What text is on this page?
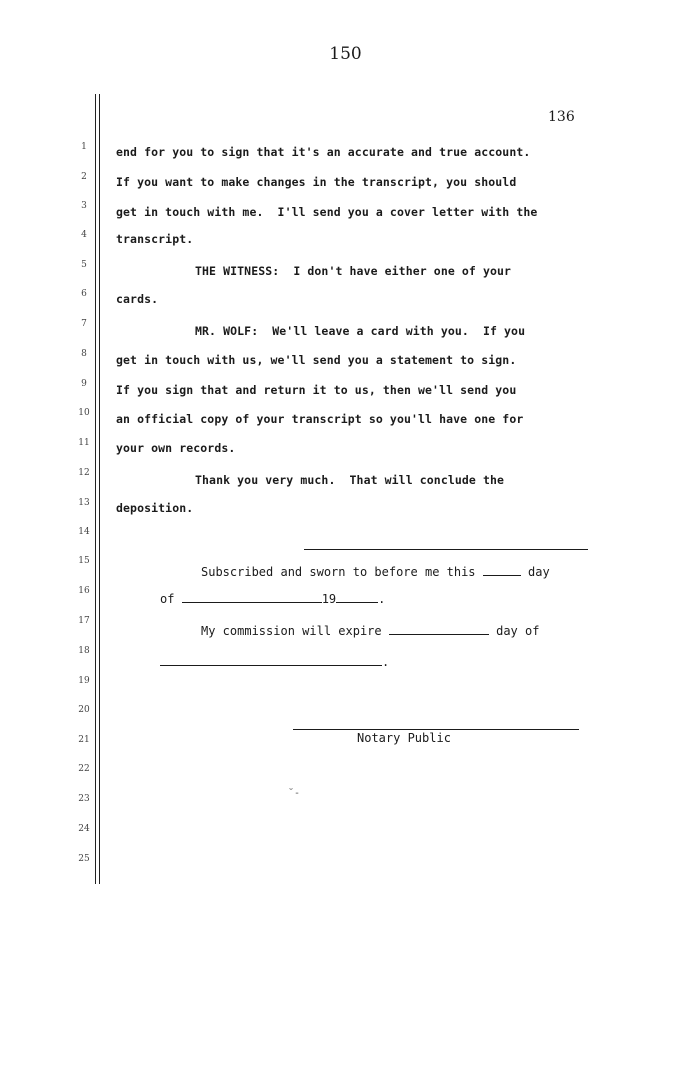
150
136
1
2
3
4
5
6
7
8
9
10
11
12
13
14
15
16
17
18
19
20
21
22
23
24
25
end for you to sign that it's an accurate and true account.
If you want to make changes in the transcript, you should
get in touch with me.  I'll send you a cover letter with the
transcript.
THE WITNESS:  I don't have either one of your
cards.
MR. WOLF:  We'll leave a card with you.  If you
get in touch with us, we'll send you a statement to sign.
If you sign that and return it to us, then we'll send you
an official copy of your transcript so you'll have one for
your own records.
Thank you very much.  That will conclude the
deposition.
Subscribed and sworn to before me this	day
of	19	.
My commission will expire	day of
.
Notary Public
˘-
